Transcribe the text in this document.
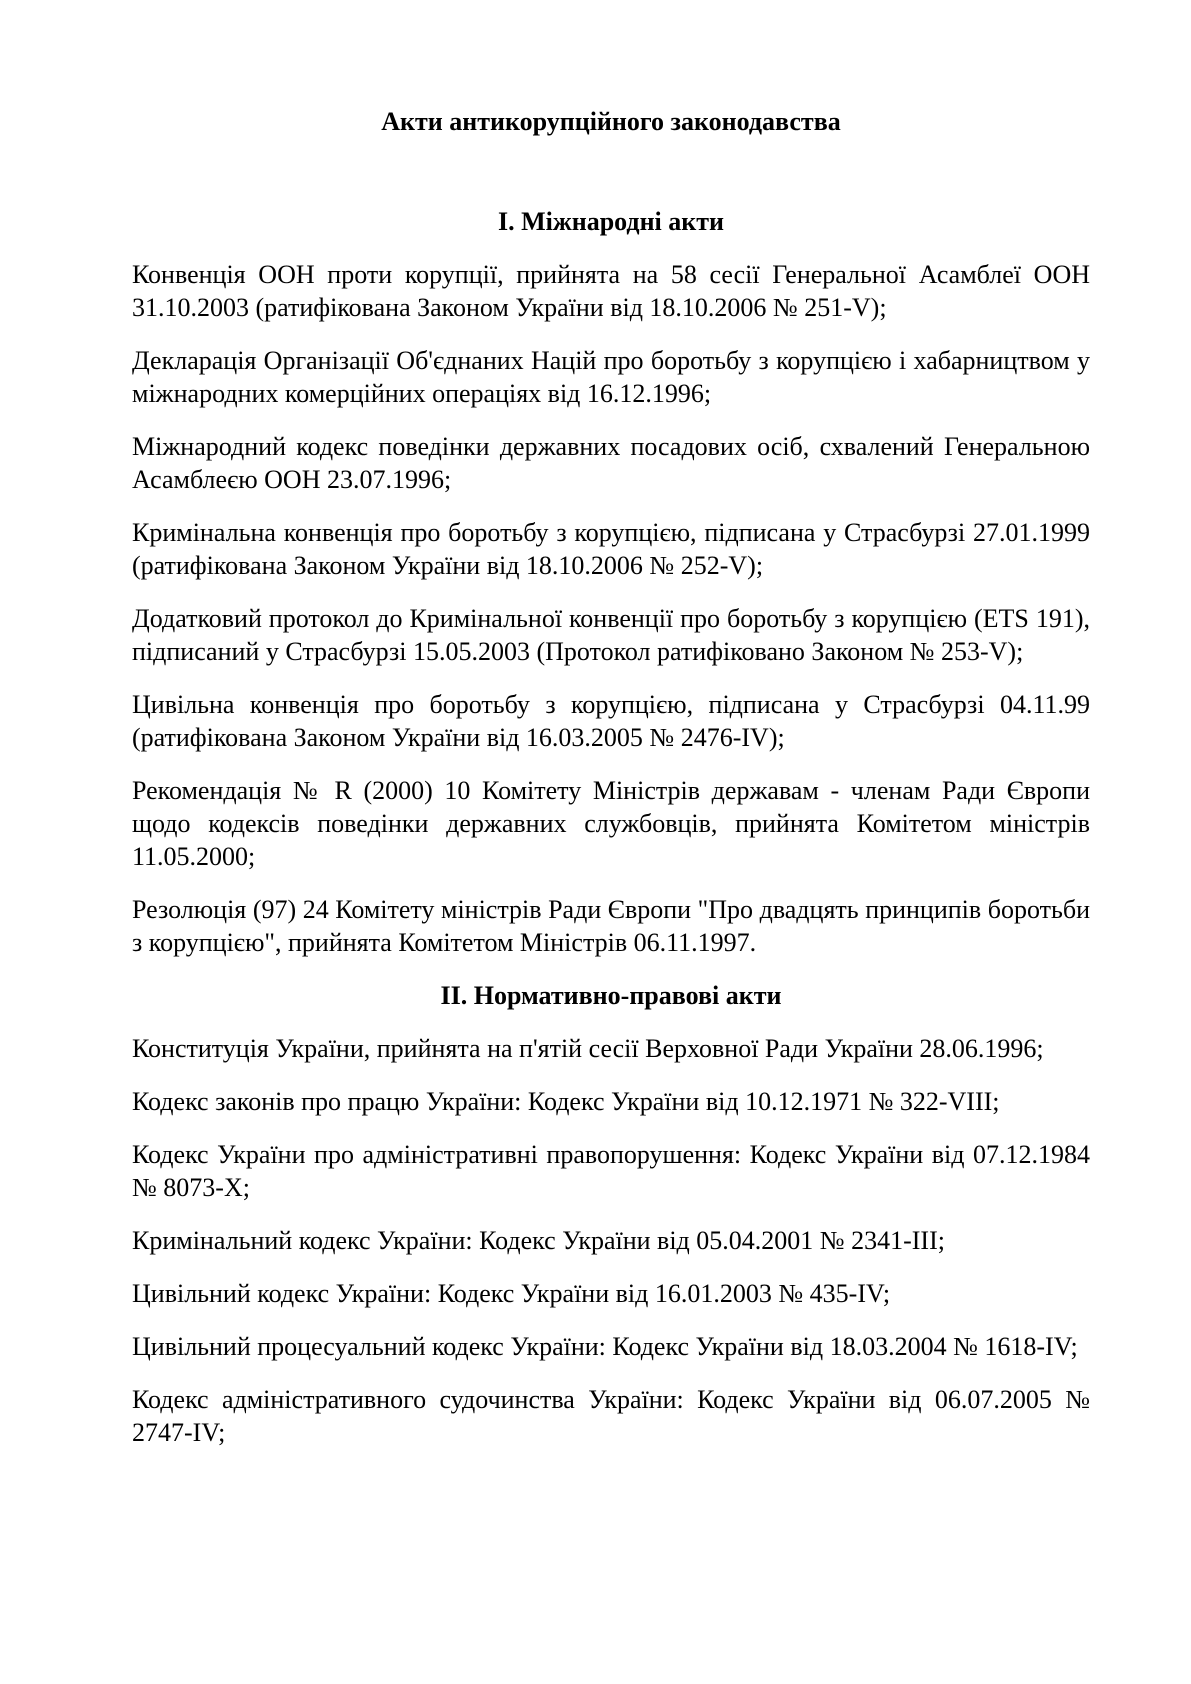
Акти антикорупційного законодавства
I. Міжнародні акти

Конвенція ООН проти корупції, прийнята на 58 сесії Генеральної Асамблеї ООН 31.10.2003 (ратифікована Законом України від 18.10.2006 № 251-V);

Декларація Організації Об'єднаних Націй про боротьбу з корупцією і хабарництвом у міжнародних комерційних операціях від 16.12.1996;

Міжнародний кодекс поведінки державних посадових осіб, схвалений Генеральною Асамблеєю ООН 23.07.1996;

Кримінальна конвенція про боротьбу з корупцією, підписана у Страсбурзі 27.01.1999 (ратифікована Законом України від 18.10.2006 № 252-V);

Додатковий протокол до Кримінальної конвенції про боротьбу з корупцією (ETS 191), підписаний у Страсбурзі 15.05.2003 (Протокол ратифіковано Законом № 253-V);

Цивільна конвенція про боротьбу з корупцією, підписана у Страсбурзі 04.11.99 (ратифікована Законом України від 16.03.2005 № 2476-IV);

Рекомендація № R (2000) 10 Комітету Міністрів державам - членам Ради Європи щодо кодексів поведінки державних службовців, прийнята Комітетом міністрів 11.05.2000;

Резолюція (97) 24 Комітету міністрів Ради Європи "Про двадцять принципів боротьби з корупцією", прийнята Комітетом Міністрів 06.11.1997.

II. Нормативно-правові акти

Конституція України, прийнята на п'ятій сесії Верховної Ради України 28.06.1996;

Кодекс законів про працю України: Кодекс України від 10.12.1971 № 322-VIII;

Кодекс України про адміністративні правопорушення: Кодекс України від 07.12.1984 № 8073-X;

Кримінальний кодекс України: Кодекс України від 05.04.2001 № 2341-III;

Цивільний кодекс України: Кодекс України від 16.01.2003 № 435-IV;

Цивільний процесуальний кодекс України: Кодекс України від 18.03.2004 № 1618-IV;

Кодекс адміністративного судочинства України: Кодекс України від 06.07.2005 № 2747-IV;
